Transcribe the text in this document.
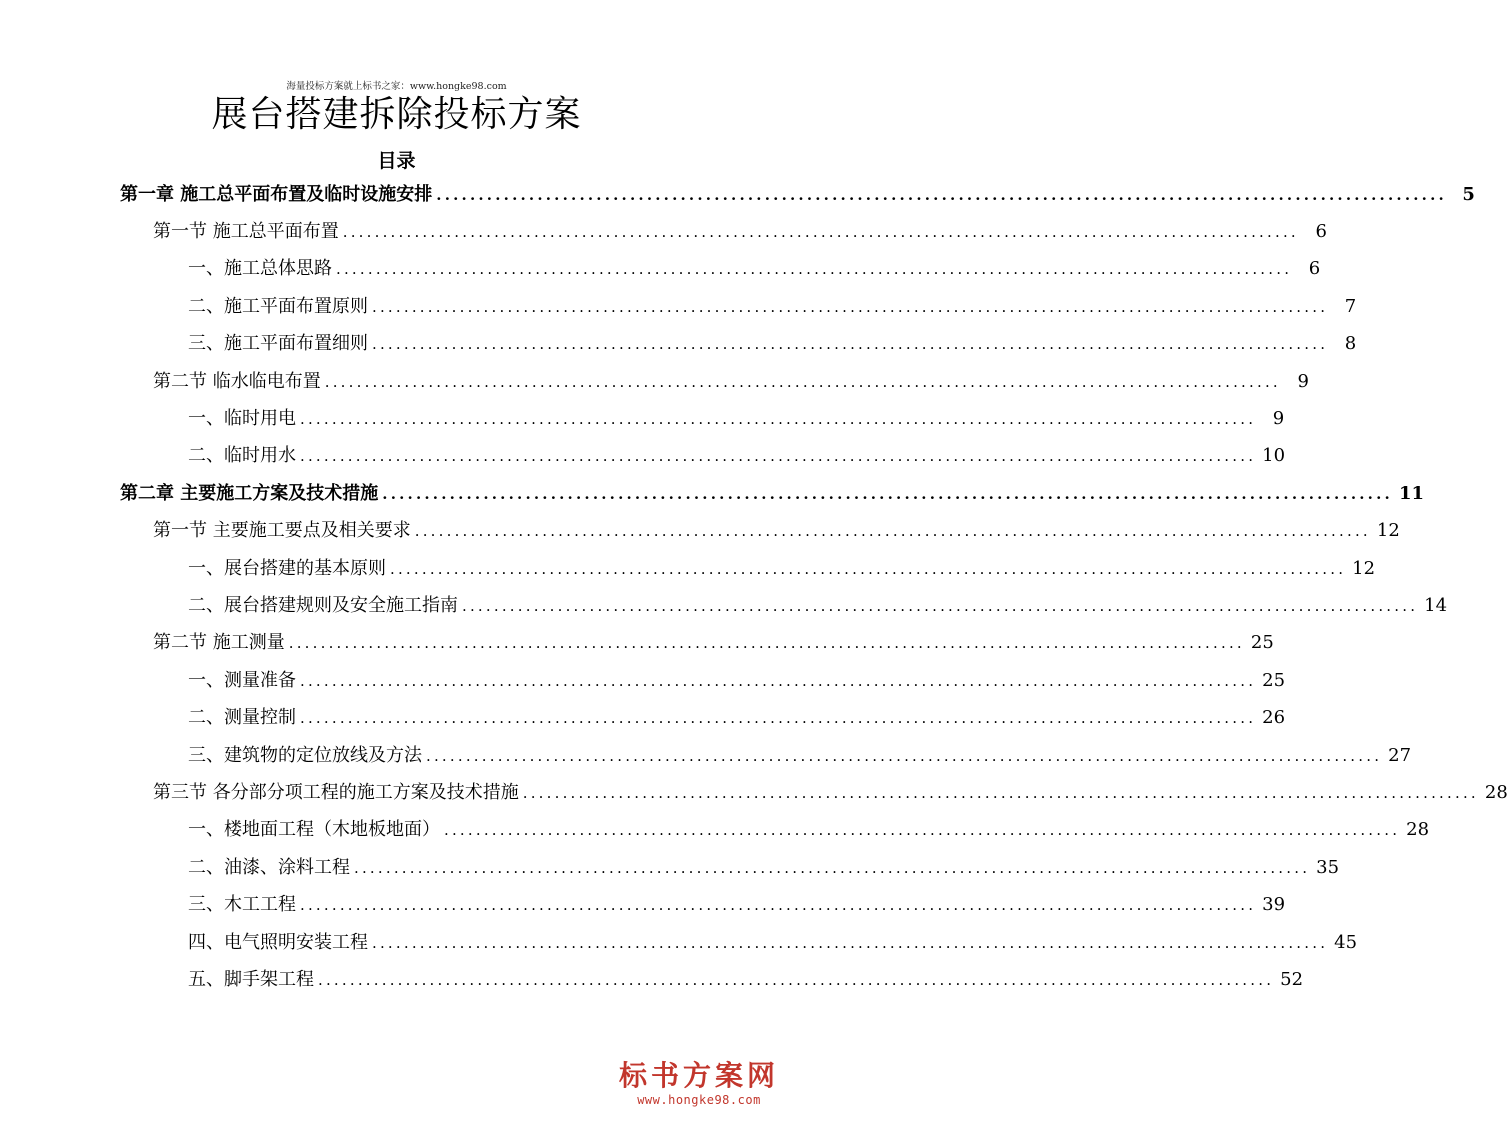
海量投标方案就上标书之家：www.hongke98.com
展台搭建拆除投标方案
目录
第一章 施工总平面布置及临时设施安排 ........................................................................................................................ 5
第一节 施工总平面布置 ........................................................................................................................ 6
一、施工总体思路 ........................................................................................................................ 6
二、施工平面布置原则 ........................................................................................................................ 7
三、施工平面布置细则 ........................................................................................................................ 8
第二节 临水临电布置 ........................................................................................................................ 9
一、临时用电 ........................................................................................................................ 9
二、临时用水 ........................................................................................................................ 10
第二章 主要施工方案及技术措施 ........................................................................................................................ 11
第一节 主要施工要点及相关要求 ........................................................................................................................ 12
一、展台搭建的基本原则 ........................................................................................................................ 12
二、展台搭建规则及安全施工指南 ........................................................................................................................ 14
第二节 施工测量 ........................................................................................................................ 25
一、测量准备 ........................................................................................................................ 25
二、测量控制 ........................................................................................................................ 26
三、建筑物的定位放线及方法 ........................................................................................................................ 27
第三节 各分部分项工程的施工方案及技术措施 ........................................................................................................................ 28
一、楼地面工程（木地板地面） ........................................................................................................................ 28
二、油漆、涂料工程 ........................................................................................................................ 35
三、木工工程 ........................................................................................................................ 39
四、电气照明安装工程 ........................................................................................................................ 45
五、脚手架工程 ........................................................................................................................ 52
标书方案网
www.hongke98.com
